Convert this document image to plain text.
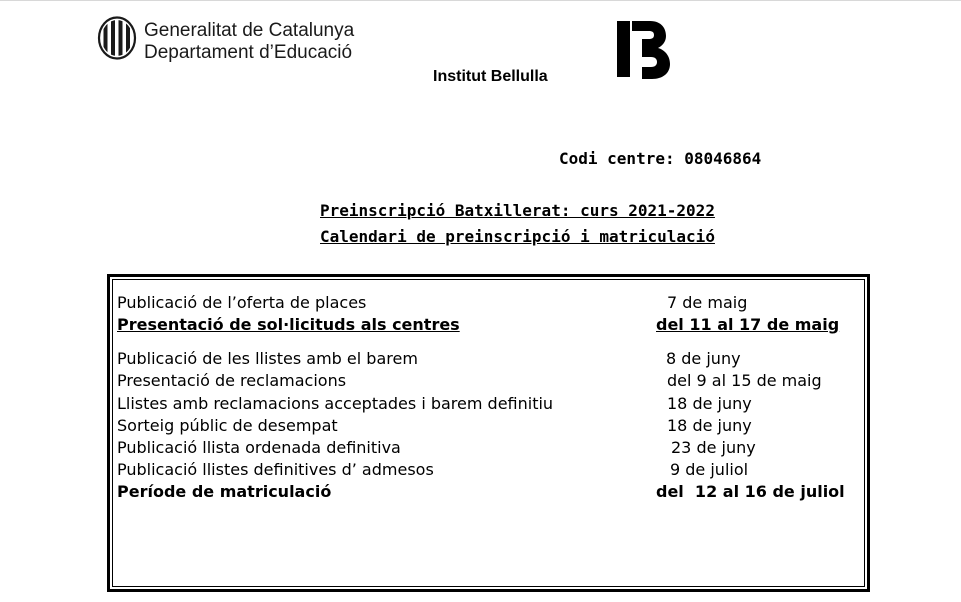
Generalitat de Catalunya
Departament d’Educació
Institut Bellulla
Codi centre: 08046864
Preinscripció Batxillerat: curs 2021-2022
Calendari de preinscripció i matriculació
Publicació de l’oferta de places	7 de maig
Presentació de sol·licituds als centres	del 11 al 17 de maig
Publicació de les llistes amb el barem	8 de juny
Presentació de reclamacions	del 9 al 15 de maig
Llistes amb reclamacions acceptades i barem definitiu	18 de juny
Sorteig públic de desempat	18 de juny
Publicació llista ordenada definitiva	23 de juny
Publicació llistes definitives d’ admesos	9 de juliol
Període de matriculació	del  12 al 16 de juliol
